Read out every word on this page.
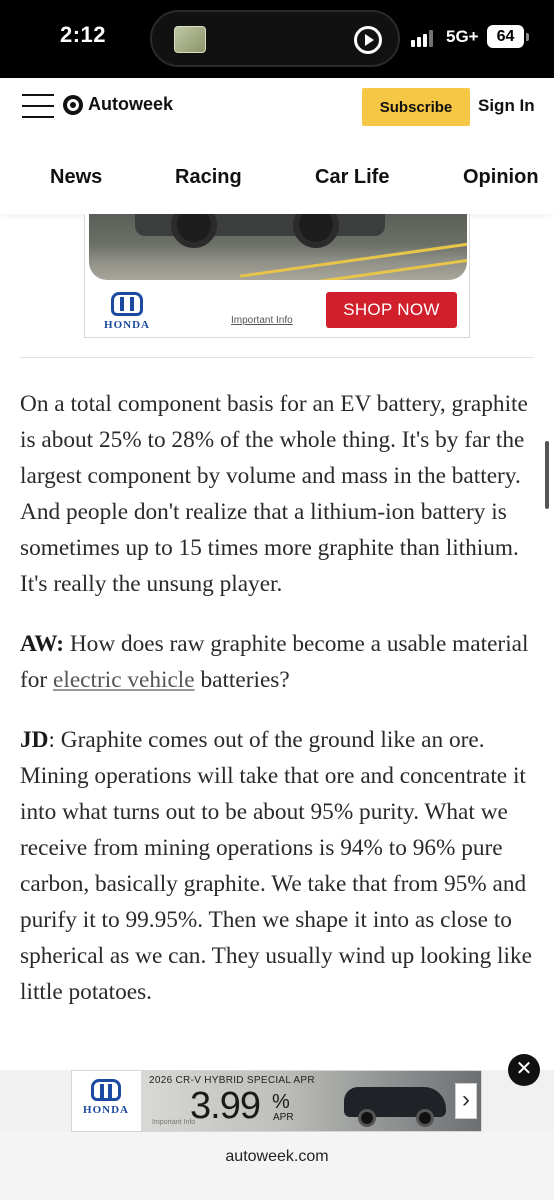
2:12	5G+	64
Autoweek	Subscribe	Sign In
News	Racing	Car Life	Opinion
HONDA	Important Info
SHOP NOW

On a total component basis for an EV battery, graphite is about 25% to 28% of the whole thing. It's by far the largest component by volume and mass in the battery. And people don't realize that a lithium-ion battery is sometimes up to 15 times more graphite than lithium. It's really the unsung player.

AW: How does raw graphite become a usable material for electric vehicle batteries?

JD: Graphite comes out of the ground like an ore. Mining operations will take that ore and concentrate it into what turns out to be about 95% purity. What we receive from mining operations is 94% to 96% pure carbon, basically graphite. We take that from 95% and purify it to 99.95%. Then we shape it into as close to spherical as we can. They usually wind up looking like little potatoes.

HONDA
2026 CR-V HYBRID SPECIAL APR
3.99 %
APR
Important Info
›
✕
autoweek.com
